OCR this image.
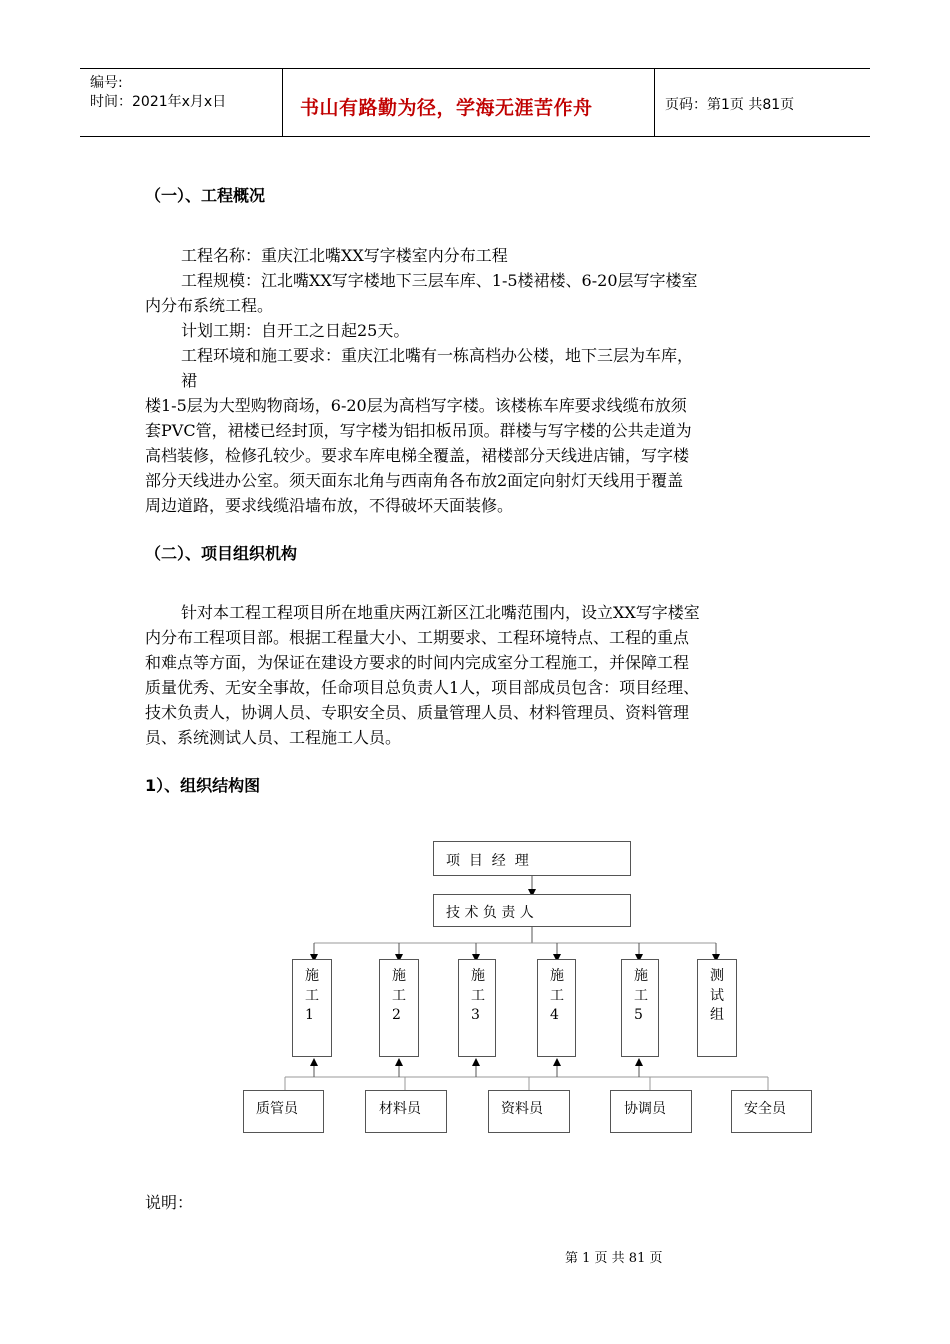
编号:
时间：2021年x月x日	书山有路勤为径，学海无涯苦作舟	页码：第1页 共81页
（一）、工程概况
工程名称：重庆江北嘴XX写字楼室内分布工程
工程规模：江北嘴XX写字楼地下三层车库、1-5楼裙楼、6-20层写字楼室
内分布系统工程。
计划工期：自开工之日起25天。
工程环境和施工要求：重庆江北嘴有一栋高档办公楼，地下三层为车库，
裙
楼1-5层为大型购物商场，6-20层为高档写字楼。该楼栋车库要求线缆布放须
套PVC管，裙楼已经封顶，写字楼为铝扣板吊顶。群楼与写字楼的公共走道为
高档装修，检修孔较少。要求车库电梯全覆盖，裙楼部分天线进店铺，写字楼
部分天线进办公室。须天面东北角与西南角各布放2面定向射灯天线用于覆盖
周边道路，要求线缆沿墙布放，不得破坏天面装修。
（二）、项目组织机构
针对本工程工程项目所在地重庆两江新区江北嘴范围内，设立XX写字楼室
内分布工程项目部。根据工程量大小、工期要求、工程环境特点、工程的重点
和难点等方面，为保证在建设方要求的时间内完成室分工程施工，并保障工程
质量优秀、无安全事故，任命项目总负责人1人，项目部成员包含：项目经理、
技术负责人，协调人员、专职安全员、质量管理人员、材料管理员、资料管理
员、系统测试人员、工程施工人员。
1）、组织结构图
项  目  经  理
技 术 负 责 人
施
工
1
施
工
2
施
工
3
施
工
4
施
工
5
测
试
组
质管员	材料员	资料员	协调员	安全员
说明：
第 1 页 共 81 页
